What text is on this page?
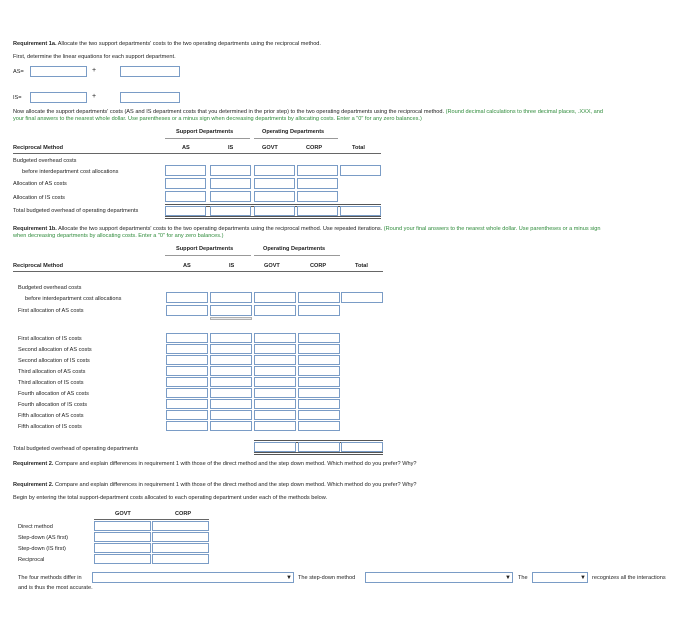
Requirement 1a. Allocate the two support departments' costs to the two operating departments using the reciprocal method.
First, determine the linear equations for each support department.
AS=	+
IS=	+
Now allocate the support departments' costs (AS and IS department costs that you determined in the prior step) to the two operating departments using the reciprocal method. (Round decimal calculations to three decimal places, .XXX, and
your final answers to the nearest whole dollar. Use parentheses or a minus sign when decreasing departments by allocating costs. Enter a "0" for any zero balances.)
Support Departments	Operating Departments
Reciprocal Method	AS	IS	GOVT	CORP	Total
Budgeted overhead costs
before interdepartment cost allocations
Allocation of AS costs
Allocation of IS costs
Total budgeted overhead of operating departments
Requirement 1b. Allocate the two support departments' costs to the two operating departments using the reciprocal method. Use repeated iterations. (Round your final answers to the nearest whole dollar. Use parentheses or a minus sign
when decreasing departments by allocating costs. Enter a "0" for any zero balances.)
Support Departments	Operating Departments
Reciprocal Method	AS	IS	GOVT	CORP	Total
Budgeted overhead costs
before interdepartment cost allocations
First allocation of AS costs
First allocation of IS costs
Second allocation of AS costs
Second allocation of IS costs
Third allocation of AS costs
Third allocation of IS costs
Fourth allocation of AS costs
Fourth allocation of IS costs
Fifth allocation of AS costs
Fifth allocation of IS costs
Total budgeted overhead of operating departments
Requirement 2. Compare and explain differences in requirement 1 with those of the direct method and the step down method. Which method do you prefer? Why?
Requirement 2. Compare and explain differences in requirement 1 with those of the direct method and the step down method. Which method do you prefer? Why?
Begin by entering the total support-department costs allocated to each operating department under each of the methods below.
GOVT	CORP
Direct method
Step-down (AS first)
Step-down (IS first)
Reciprocal
The four methods differ in	▼ The step-down method	▼ The	▼ recognizes all the interactions
and is thus the most accurate.
